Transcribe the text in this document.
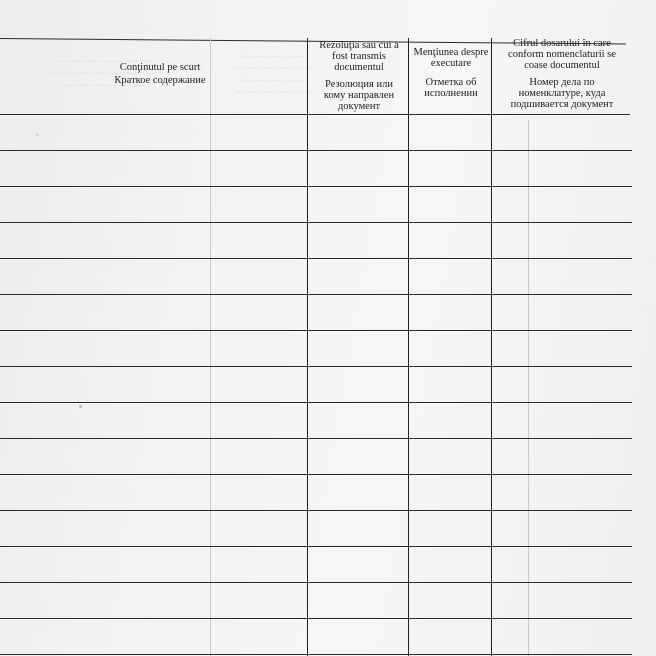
— — — — — — —
— — — — — — — —
— — — — — —
— — — — —
— — — — — —
— — — — —
— — — — — —
Conţinutul pe scurt
Краткое содержание
Rezoluţia sau cui a fost transmis documentul
Резолюция или кому направлен документ
Menţiunea despre executare
Отметка об исполнении
Cifrul dosarului în care conform nomenclaturii se coase documentul
Номер дела по номенклатуре, куда подшивается документ
